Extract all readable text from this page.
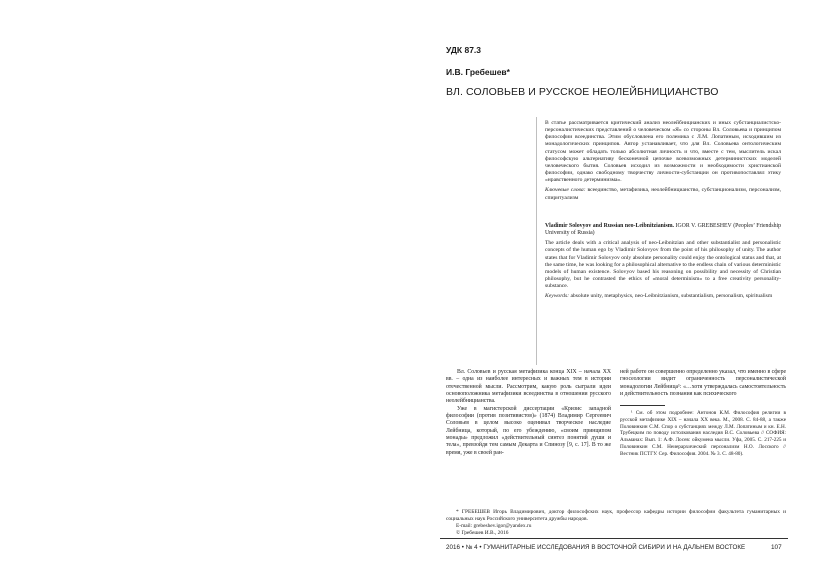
УДК 87.3
И.В. Гребешев*
ВЛ. СОЛОВЬЕВ И РУССКОЕ НЕОЛЕЙБНИЦИАНСТВО

В статье рассматривается критический анализ неолейбницианских и иных субстанциалистско-персоналистических представлений о человеческом «Я» со стороны Вл. Соловьева и принципом философии всеединства. Этим обусловлена его полемика с Л.М. Лопатиным, исходившим из монадологических принципов. Автор устанавливает, что для Вл. Соловьева онтологическим статусом может обладать только абсолютная личность и что, вместе с тем, мыслитель искал философскую альтернативу бесконечной цепочке всевозможных детерминистских моделей человеческого бытия. Соловьев исходил из возможности и необходимости христианской философии, однако свободному творчеству личности-субстанции он противопоставлял этику «нравственного детерминизма».

Ключевые слова: всеединство, метафизика, неолейбницианство, субстанционализм, персонализм, спиритуализм

Vladimir Solovyov and Russian neo-Leibnitzianism. IGOR V. GREBESHEV (Peoples’ Friendship University of Russia)

The article deals with a critical analysis of neo-Leibnitzian and other substantialist and personalistic concepts of the human ego by Vladimir Solovyov from the point of his philosophy of unity. The author states that for Vladimir Solovyov only absolute personality could enjoy the ontological status and that, at the same time, he was looking for a philosophical alternative to the endless chain of various deterministic models of human existence. Solovyov based his reasoning on possibility and necessity of Christian philosophy, but he contrasted the ethics of «moral determinism» to a free creativity personality-substance.

Keywords: absolute unity, metaphysics, neo-Leibnitzianism, substantialism, personalism, spiritualism

Вл. Соловьев и русская метафизика конца XIX – начала XX вв. – одна из наиболее интересных и важных тем в истории отечественной мысли. Рассмотрим, какую роль сыграли идеи основоположника метафизики всеединства в отношении русского неолейбницианства.

Уже в магистерской диссертации «Кризис западной философии (против позитивистов)» (1874) Владимир Сергеевич Соловьев в целом высоко оценивал творческое наследие Лейбница, который, по его убеждению, «своим принципом монады» предложил «действительный синтез понятий души и тела», превзойдя тем самым Декарта и Спинозу [9, с. 17]. В то же время, уже в своей ран-

ней работе он совершенно определенно указал, что именно в сфере гносеологии видит ограниченность персоналистической монадологии Лейбница¹: «…хотя утверждалась самостоятельность и действительность познания как психического

¹ См. об этом подробнее: Антонов К.М. Философия религии в русской метафизике XIX – начала XX века. М., 2008. С. 84-88, а также Половинкин С.М. Спор о субстанциях между Л.М. Лопатиным и кн. Е.Н. Трубецким по поводу истолкования наследия В.С. Соловьева // СОФИЯ: Альманах: Вып. 1: А.Ф. Лосев: ойкумена мысли. Уфа, 2005. С. 217-225 и Половинкин С.М. Неиерархический персонализм Н.О. Лосского // Вестник ПСТГУ. Сер. Философия. 2004. № 3. С. 48-80).

* ГРЕБЕШЕВ Игорь Владимирович, доктор философских наук, профессор кафедры истории философии факультета гуманитарных и социальных наук Российского университета дружбы народов.

E-mail: grebeshev.igor@yandex.ru

© Гребешев И.В., 2016

2016 • № 4 • ГУМАНИТАРНЫЕ ИССЛЕДОВАНИЯ В ВОСТОЧНОЙ СИБИРИ И НА ДАЛЬНЕМ ВОСТОКЕ	107
